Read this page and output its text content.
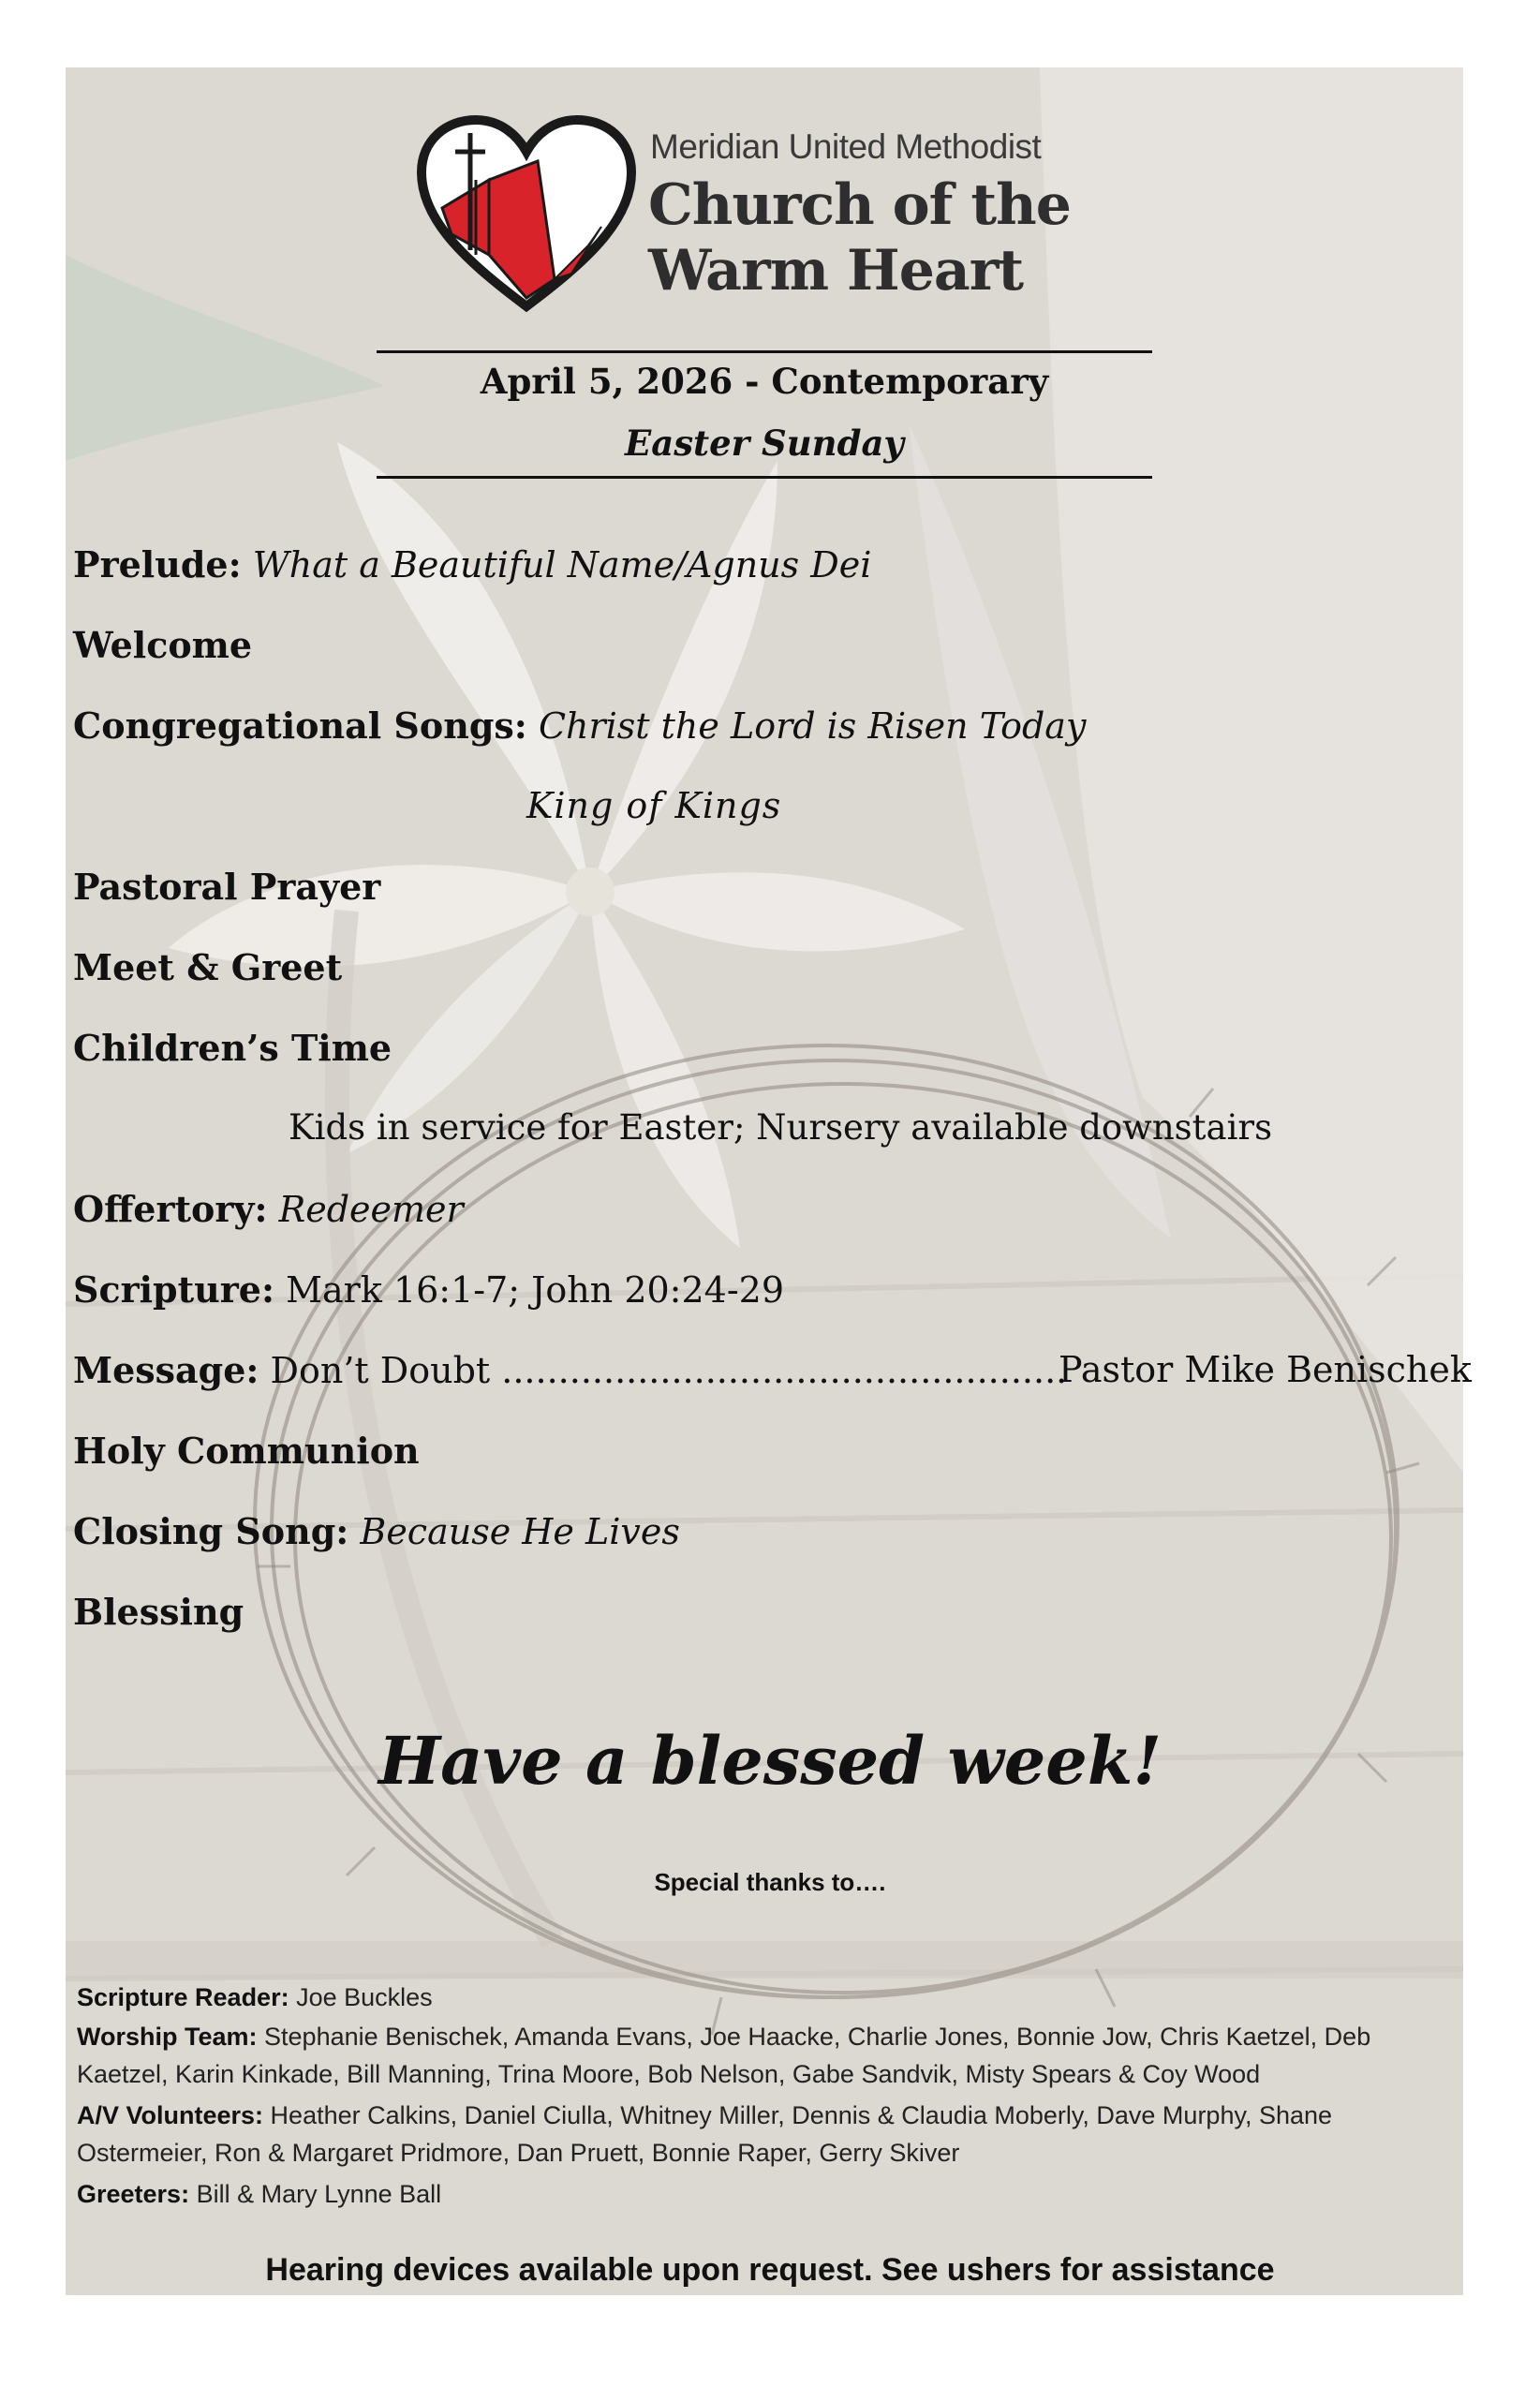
Meridian United Methodist
Church of the
Warm Heart
April 5, 2026 - Contemporary
Easter Sunday
Prelude: What a Beautiful Name/Agnus Dei
Welcome
Congregational Songs: Christ the Lord is Risen Today
King of Kings
Pastoral Prayer
Meet & Greet
Children’s Time
Kids in service for Easter; Nursery available downstairs
Offertory: Redeemer
Scripture: Mark 16:1-7; John 20:24-29
Message: Don’t Doubt ..................................................
Pastor Mike Benischek
Holy Communion
Closing Song: Because He Lives
Blessing
Have a blessed week!
Special thanks to….
Scripture Reader: Joe Buckles
Worship Team: Stephanie Benischek, Amanda Evans, Joe Haacke, Charlie Jones, Bonnie Jow, Chris Kaetzel, Deb Kaetzel, Karin Kinkade, Bill Manning, Trina Moore, Bob Nelson, Gabe Sandvik, Misty Spears & Coy Wood
A/V Volunteers: Heather Calkins, Daniel Ciulla, Whitney Miller, Dennis & Claudia Moberly, Dave Murphy, Shane Ostermeier, Ron & Margaret Pridmore, Dan Pruett, Bonnie Raper, Gerry Skiver
Greeters: Bill & Mary Lynne Ball
Hearing devices available upon request. See ushers for assistance
